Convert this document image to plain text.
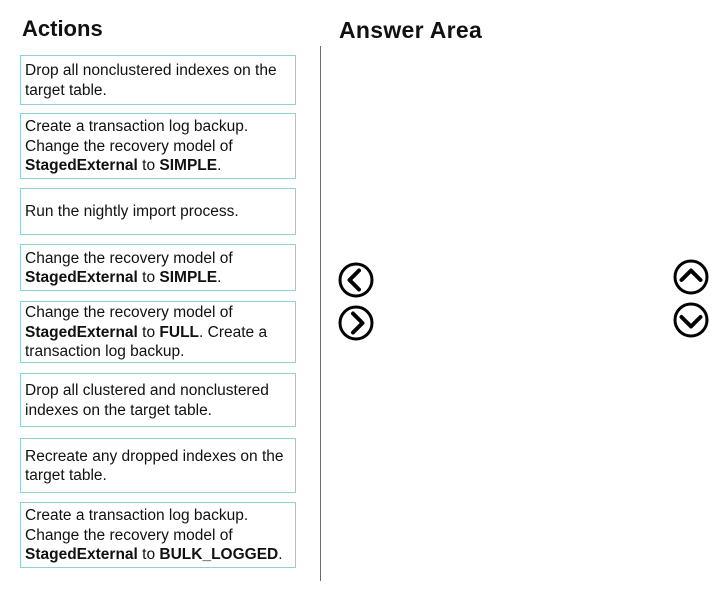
Actions	Answer Area
Drop all nonclustered indexes on the target table.
Create a transaction log backup. Change the recovery model of StagedExternal to SIMPLE.
Run the nightly import process.
Change the recovery model of StagedExternal to SIMPLE.
Change the recovery model of StagedExternal to FULL. Create a transaction log backup.
Drop all clustered and nonclustered indexes on the target table.
Recreate any dropped indexes on the target table.
Create a transaction log backup. Change the recovery model of StagedExternal to BULK_LOGGED.
